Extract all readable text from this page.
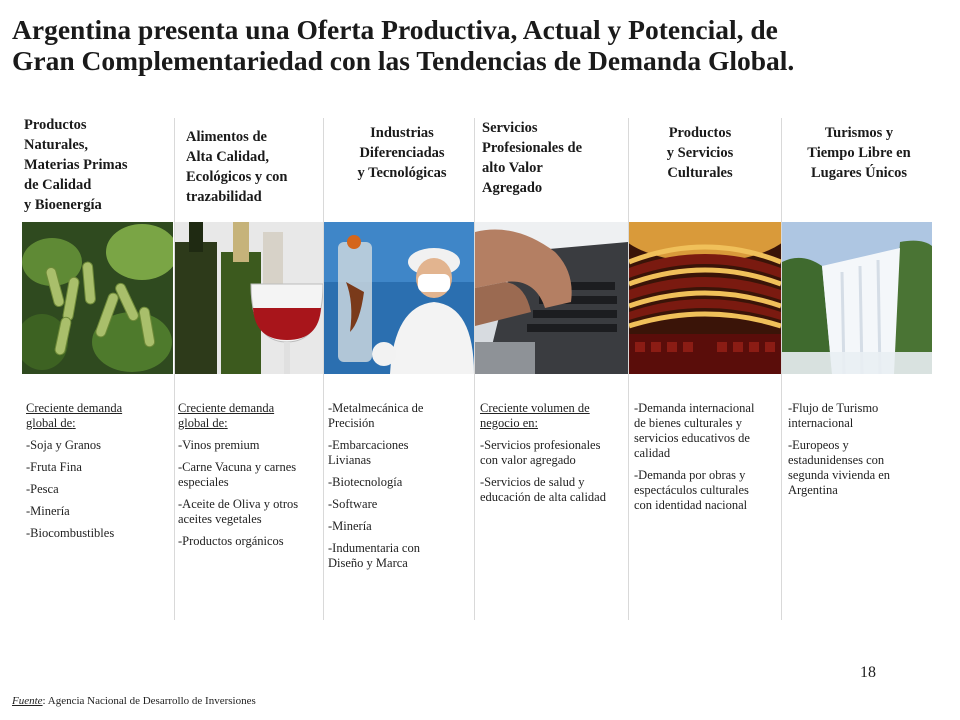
Argentina presenta una Oferta Productiva, Actual y Potencial, de
Gran Complementariedad con las Tendencias de Demanda Global.
Productos
Naturales,
Materias Primas
de Calidad
y Bioenergía
Creciente demanda global de:
-Soja y Granos
-Fruta Fina
-Pesca
-Minería
-Biocombustibles
Alimentos de
Alta Calidad,
Ecológicos y con
trazabilidad
Creciente demanda global de:
-Vinos premium
-Carne Vacuna y carnes especiales
-Aceite de Oliva y otros aceites vegetales
-Productos orgánicos
Industrias
Diferenciadas
y Tecnológicas
-Metalmecánica de Precisión
-Embarcaciones Livianas
-Biotecnología
-Software
-Minería
-Indumentaria con Diseño y Marca
Servicios
Profesionales de
alto Valor
Agregado
Creciente volumen de negocio en:
-Servicios profesionales con valor agregado
-Servicios de salud y educación de alta calidad
Productos
y Servicios
Culturales
-Demanda internacional de bienes culturales y servicios educativos de calidad
-Demanda por obras y espectáculos culturales con identidad nacional
Turismos y
Tiempo Libre en
Lugares Únicos
-Flujo de Turismo internacional
-Europeos y estadunidenses con segunda vivienda en Argentina
18
Fuente: Agencia Nacional de Desarrollo de Inversiones
